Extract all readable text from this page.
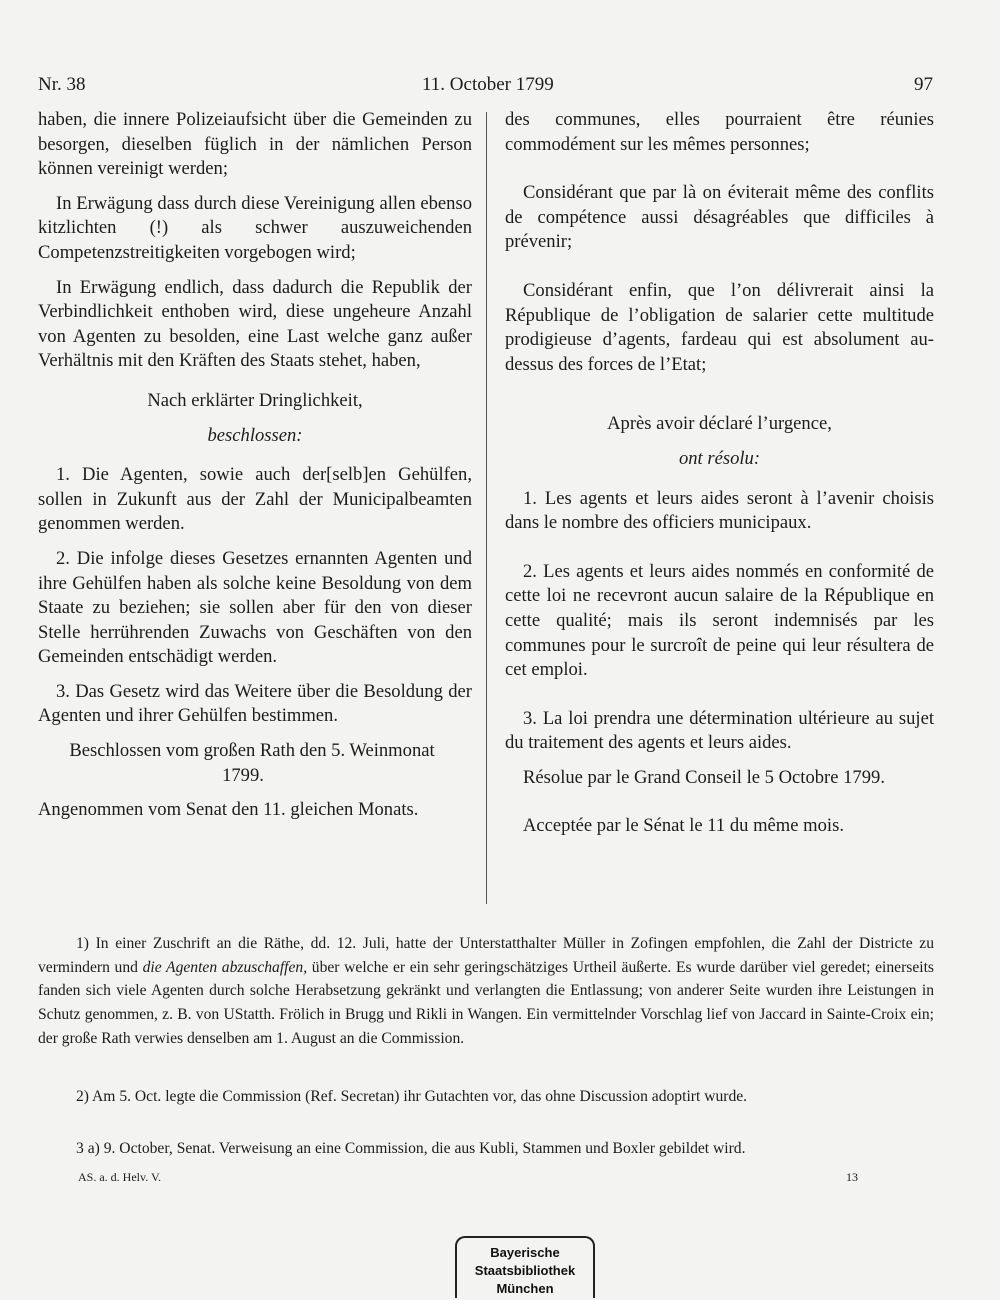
Nr. 38	11. October 1799	97

haben, die innere Polizeiaufsicht über die Gemeinden zu besorgen, dieselben füglich in der nämlichen Person können vereinigt werden;

In Erwägung dass durch diese Vereinigung allen ebenso kitzlichten (!) als schwer auszuweichenden Competenzstreitigkeiten vorgebogen wird;

In Erwägung endlich, dass dadurch die Republik der Verbindlichkeit enthoben wird, diese ungeheure Anzahl von Agenten zu besolden, eine Last welche ganz außer Verhältnis mit den Kräften des Staats stehet, haben,

Nach erklärter Dringlichkeit,

beschlossen:

1. Die Agenten, sowie auch der[selb]en Gehülfen, sollen in Zukunft aus der Zahl der Municipalbeamten genommen werden.

2. Die infolge dieses Gesetzes ernannten Agenten und ihre Gehülfen haben als solche keine Besoldung von dem Staate zu beziehen; sie sollen aber für den von dieser Stelle herrührenden Zuwachs von Geschäften von den Gemeinden entschädigt werden.

3. Das Gesetz wird das Weitere über die Besoldung der Agenten und ihrer Gehülfen bestimmen.

Beschlossen vom großen Rath den 5. Weinmonat 1799.

Angenommen vom Senat den 11. gleichen Monats.

des communes, elles pourraient être réunies commodément sur les mêmes personnes;

Considérant que par là on éviterait même des conflits de compétence aussi désagréables que difficiles à prévenir;

Considérant enfin, que l’on délivrerait ainsi la République de l’obligation de salarier cette multitude prodigieuse d’agents, fardeau qui est absolument au-dessus des forces de l’Etat;

Après avoir déclaré l’urgence,

ont résolu:

1. Les agents et leurs aides seront à l’avenir choisis dans le nombre des officiers municipaux.

2. Les agents et leurs aides nommés en conformité de cette loi ne recevront aucun salaire de la République en cette qualité; mais ils seront indemnisés par les communes pour le surcroît de peine qui leur résultera de cet emploi.

3. La loi prendra une détermination ultérieure au sujet du traitement des agents et leurs aides.

Résolue par le Grand Conseil le 5 Octobre 1799.

Acceptée par le Sénat le 11 du même mois.

1) In einer Zuschrift an die Räthe, dd. 12. Juli, hatte der Unterstatthalter Müller in Zofingen empfohlen, die Zahl der Districte zu vermindern und die Agenten abzuschaffen, über welche er ein sehr geringschätziges Urtheil äußerte. Es wurde darüber viel geredet; einerseits fanden sich viele Agenten durch solche Herabsetzung gekränkt und verlangten die Entlassung; von anderer Seite wurden ihre Leistungen in Schutz genommen, z. B. von UStatth. Frölich in Brugg und Rikli in Wangen. Ein vermittelnder Vorschlag lief von Jaccard in Sainte-Croix ein; der große Rath verwies denselben am 1. August an die Commission.

2) Am 5. Oct. legte die Commission (Ref. Secretan) ihr Gutachten vor, das ohne Discussion adoptirt wurde.

3 a) 9. October, Senat. Verweisung an eine Commission, die aus Kubli, Stammen und Boxler gebildet wird.

AS. a. d. Helv. V.	13
Bayerische
Staatsbibliothek
München
